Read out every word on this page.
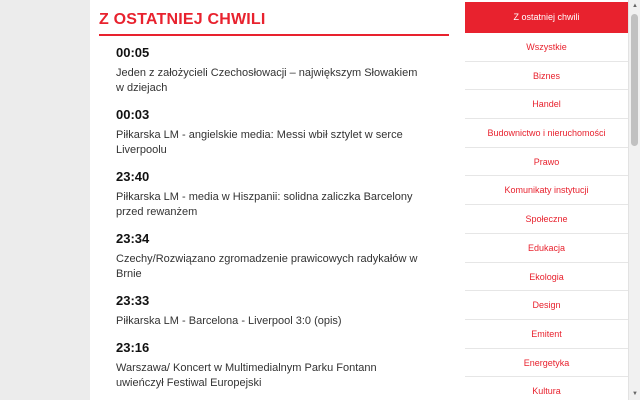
Z OSTATNIEJ CHWILI
00:05
Jeden z założycieli Czechosłowacji – największym Słowakiem w dziejach
00:03
Piłkarska LM - angielskie media: Messi wbił sztylet w serce Liverpoolu
23:40
Piłkarska LM - media w Hiszpanii: solidna zaliczka Barcelony przed rewanżem
23:34
Czechy/Rozwiązano zgromadzenie prawicowych radykałów w Brnie
23:33
Piłkarska LM - Barcelona - Liverpool 3:0 (opis)
23:16
Warszawa/ Koncert w Multimedialnym Parku Fontann uwieńczył Festiwal Europejski
Z ostatniej chwili
Wszystkie
Biznes
Handel
Budownictwo i nieruchomości
Prawo
Komunikaty instytucji
Społeczne
Edukacja
Ekologia
Design
Emitent
Energetyka
Kultura
▲
▼
